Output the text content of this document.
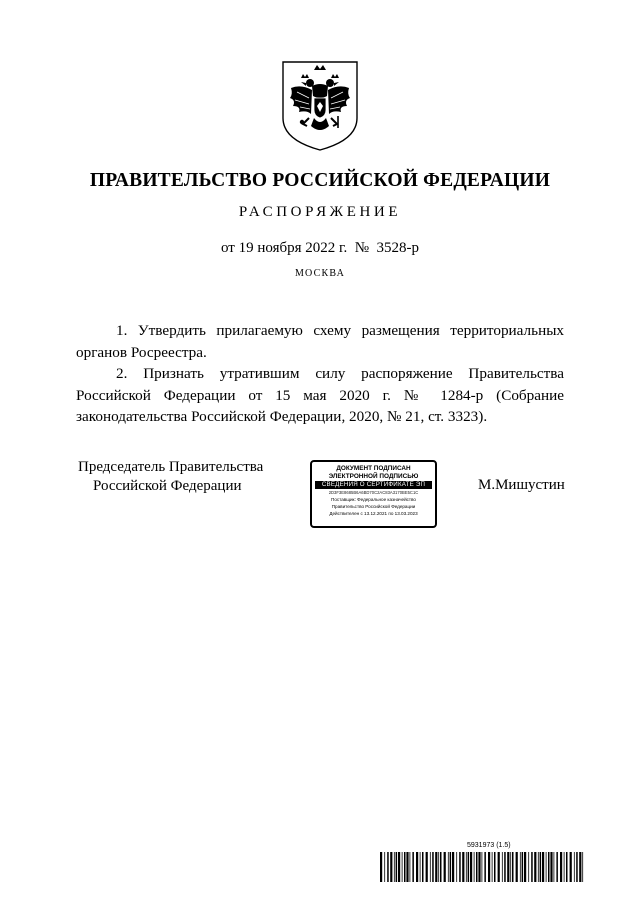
ПРАВИТЕЛЬСТВО РОССИЙСКОЙ ФЕДЕРАЦИИ
РАСПОРЯЖЕНИЕ
от 19 ноября 2022 г.  №  3528-р
МОСКВА

1. Утвердить прилагаемую схему размещения территориальных органов Росреестра.

2. Признать утратившим силу распоряжение Правительства Российской Федерации от 15 мая 2020 г. № 1284-р (Собрание законодательства Российской Федерации, 2020, № 21, ст. 3323).

Председатель Правительства
Российской Федерации
ДОКУМЕНТ ПОДПИСАН
ЭЛЕКТРОННОЙ ПОДПИСЬЮ
СВЕДЕНИЯ О СЕРТИФИКАТЕ ЭП
2D3F3E8685B6A6BD70C2AC83A3170BE5C1C
Поставщик: Федеральное казначейство
Правительство Российской Федерации
Действителен с 13.12.2021 по 13.03.2023
М.Мишустин
5931973 (1.5)
